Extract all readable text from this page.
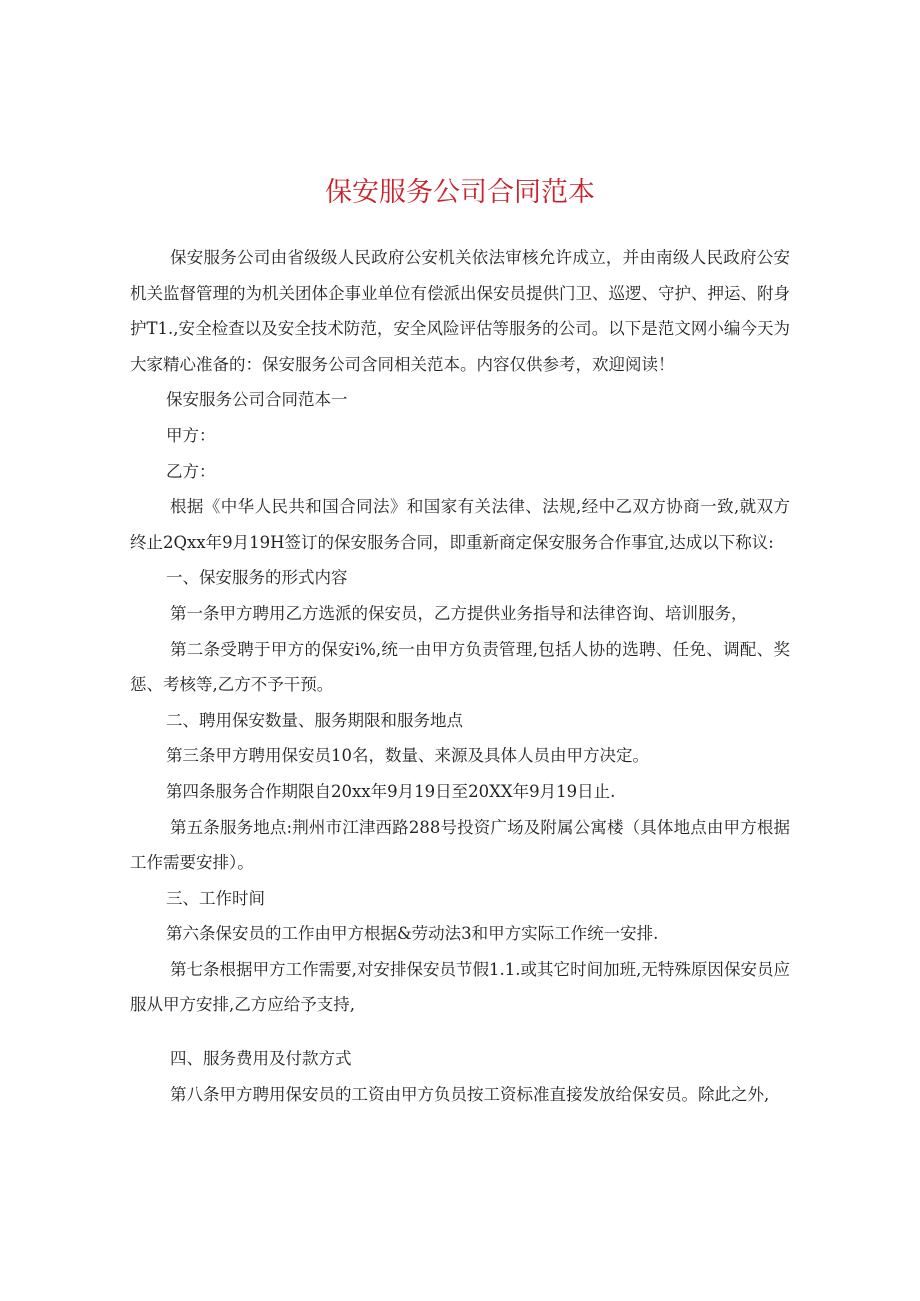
保安服务公司合同范本

保安服务公司由省级级人民政府公安机关依法审核允许成立，并由南级人民政府公安机关监督管理的为机关团体企事业单位有偿派出保安员提供门卫、巡逻、守护、押运、附身护T1.,安全检查以及安全技术防范，安全风险评估等服务的公司。以下是范文网小编今天为大家精心准备的：保安服务公司含同相关范本。内容仅供参考，欢迎阅读！

保安服务公司合同范本一

甲方：

乙方：

根据《中华人民共和国合同法》和国家有关法律、法规,经中乙双方协商一致,就双方终止2Qxx年9月19H签订的保安服务合同，即重新商定保安服务合作事宜,达成以下称议:

一、保安服务的形式内容

第一条甲方聘用乙方选派的保安员，乙方提供业务指导和法律咨询、培训服务，

第二条受聘于甲方的保安i%,统一由甲方负责管理,包括人协的选聘、任免、调配、奖惩、考核等,乙方不予干预。

二、聘用保安数量、服务期限和服务地点

第三条甲方聘用保安员10名，数量、来源及具体人员由甲方决定。

第四条服务合作期限自20xx年9月19日至20XX年9月19日止.

第五条服务地点:荆州市江津西路288号投资广场及附属公寓楼（具体地点由甲方根据工作需要安排）。

三、工作时间

第六条保安员的工作由甲方根据&劳动法3和甲方实际工作统一安排.

第七条根据甲方工作需要,对安排保安员节假1.1.或其它时间加班,无特殊原因保安员应服从甲方安排,乙方应给予支持,

四、服务费用及付款方式

第八条甲方聘用保安员的工资由甲方负员按工资标准直接发放给保安员。除此之外,
